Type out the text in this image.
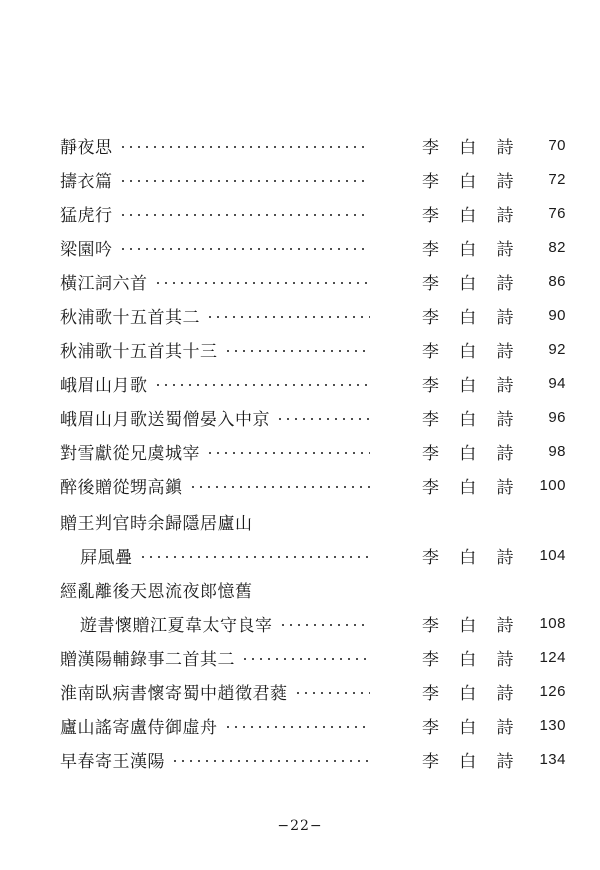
靜夜思	李 白 詩	70
擣衣篇	李 白 詩	72
猛虎行	李 白 詩	76
梁園吟	李 白 詩	82
橫江詞六首	李 白 詩	86
秋浦歌十五首其二	李 白 詩	90
秋浦歌十五首其十三	李 白 詩	92
峨眉山月歌	李 白 詩	94
峨眉山月歌送蜀僧晏入中京	李 白 詩	96
對雪獻從兄虞城宰	李 白 詩	98
醉後贈從甥高鎭	李 白 詩	100
贈王判官時余歸隱居廬山
屛風疊	李 白 詩	104
經亂離後天恩流夜郞憶舊
遊書懷贈江夏韋太守良宰	李 白 詩	108
贈漢陽輔錄事二首其二	李 白 詩	124
淮南臥病書懷寄蜀中趙徵君蕤	李 白 詩	126
廬山謠寄盧侍御虛舟	李 白 詩	130
早春寄王漢陽	李 白 詩	134
−22−
